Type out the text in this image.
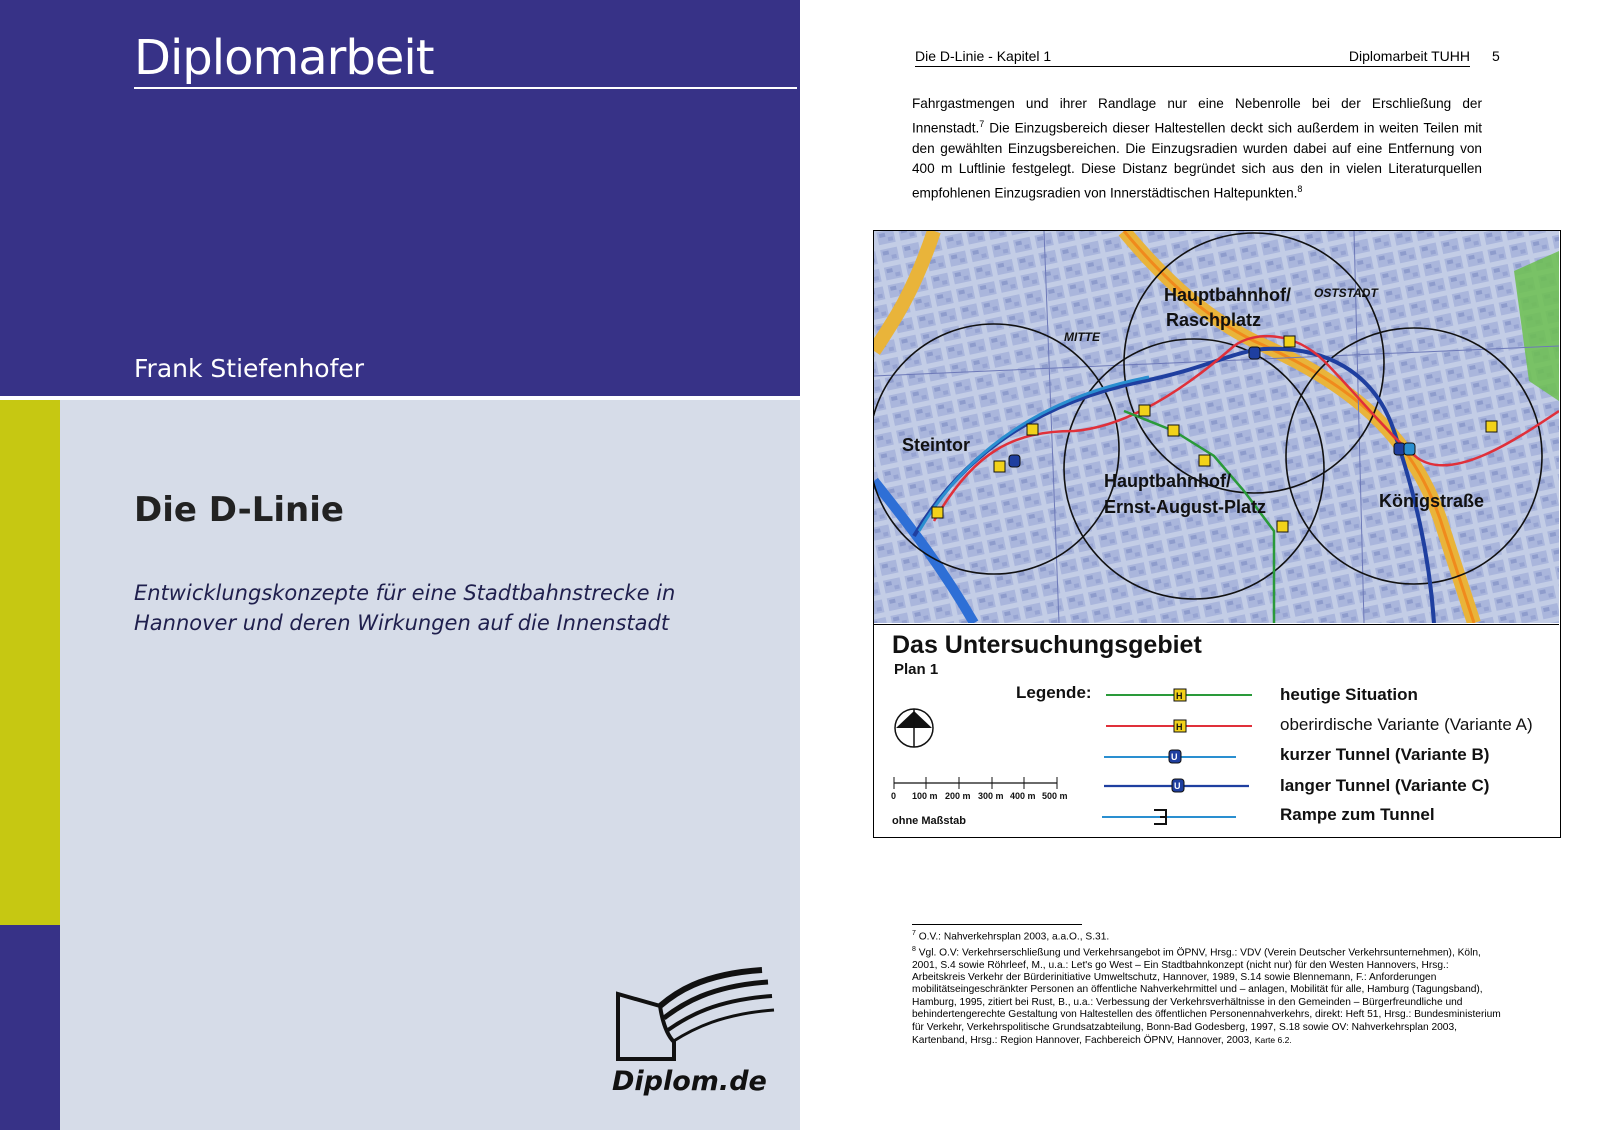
Diplomarbeit
Frank Stiefenhofer
Die D-Linie
Entwicklungskonzepte für eine Stadtbahnstrecke in Hannover und deren Wirkungen auf die Innenstadt
Diplom.de
Die D-Linie - Kapitel 1	Diplomarbeit TUHH 5
Fahrgastmengen und ihrer Randlage nur eine Nebenrolle bei der Erschließung der Innenstadt.$^7$ Die Einzugsbereich dieser Haltestellen deckt sich außerdem in weiten Teilen mit den gewählten Einzugsbereichen. Die Einzugsradien wurden dabei auf eine Entfernung von 400 m Luftlinie festgelegt. Diese Distanz begründet sich aus den in vielen Literaturquellen empfohlenen Einzugsradien von Innerstädtischen Haltepunkten.$^8$
Hauptbahnhof/
Raschplatz
Steintor
Hauptbahnhof/
Ernst-August-Platz	Königstraße
MITTE
OSTSTADT
Das Untersuchungsgebiet
Plan 1
Legende:	H
H
U
U
0 100 m 200 m 300 m 400 m 500 m
ohne Maßstab
heutige Situation
oberirdische Variante (Variante A)
kurzer Tunnel (Variante B)
langer Tunnel (Variante C)
Rampe zum Tunnel
$^7$ O.V.: Nahverkehrsplan 2003, a.a.O., S.31.
$^8$ Vgl. O.V: Verkehrserschließung und Verkehrsangebot im ÖPNV, Hrsg.: VDV (Verein Deutscher Verkehrsunternehmen), Köln, 2001, S.4 sowie Röhrleef, M., u.a.: Let's go West – Ein Stadtbahnkonzept (nicht nur) für den Westen Hannovers, Hrsg.: Arbeitskreis Verkehr der Bürderinitiative Umweltschutz, Hannover, 1989, S.14 sowie Blennemann, F.: Anforderungen mobilitätseingeschränkter Personen an öffentliche Nahverkehrmittel und – anlagen, Mobilität für alle, Hamburg (Tagungsband), Hamburg, 1995, zitiert bei Rust, B., u.a.: Verbessung der Verkehrsverhältnisse in den Gemeinden – Bürgerfreundliche und behindertengerechte Gestaltung von Haltestellen des öffentlichen Personennahverkehrs, direkt: Heft 51, Hrsg.: Bundesministerium für Verkehr, Verkehrspolitische Grundsatzabteilung, Bonn-Bad Godesberg, 1997, S.18 sowie OV: Nahverkehrsplan 2003, Kartenband, Hrsg.: Region Hannover, Fachbereich ÖPNV, Hannover, 2003, Karte 6.2.
